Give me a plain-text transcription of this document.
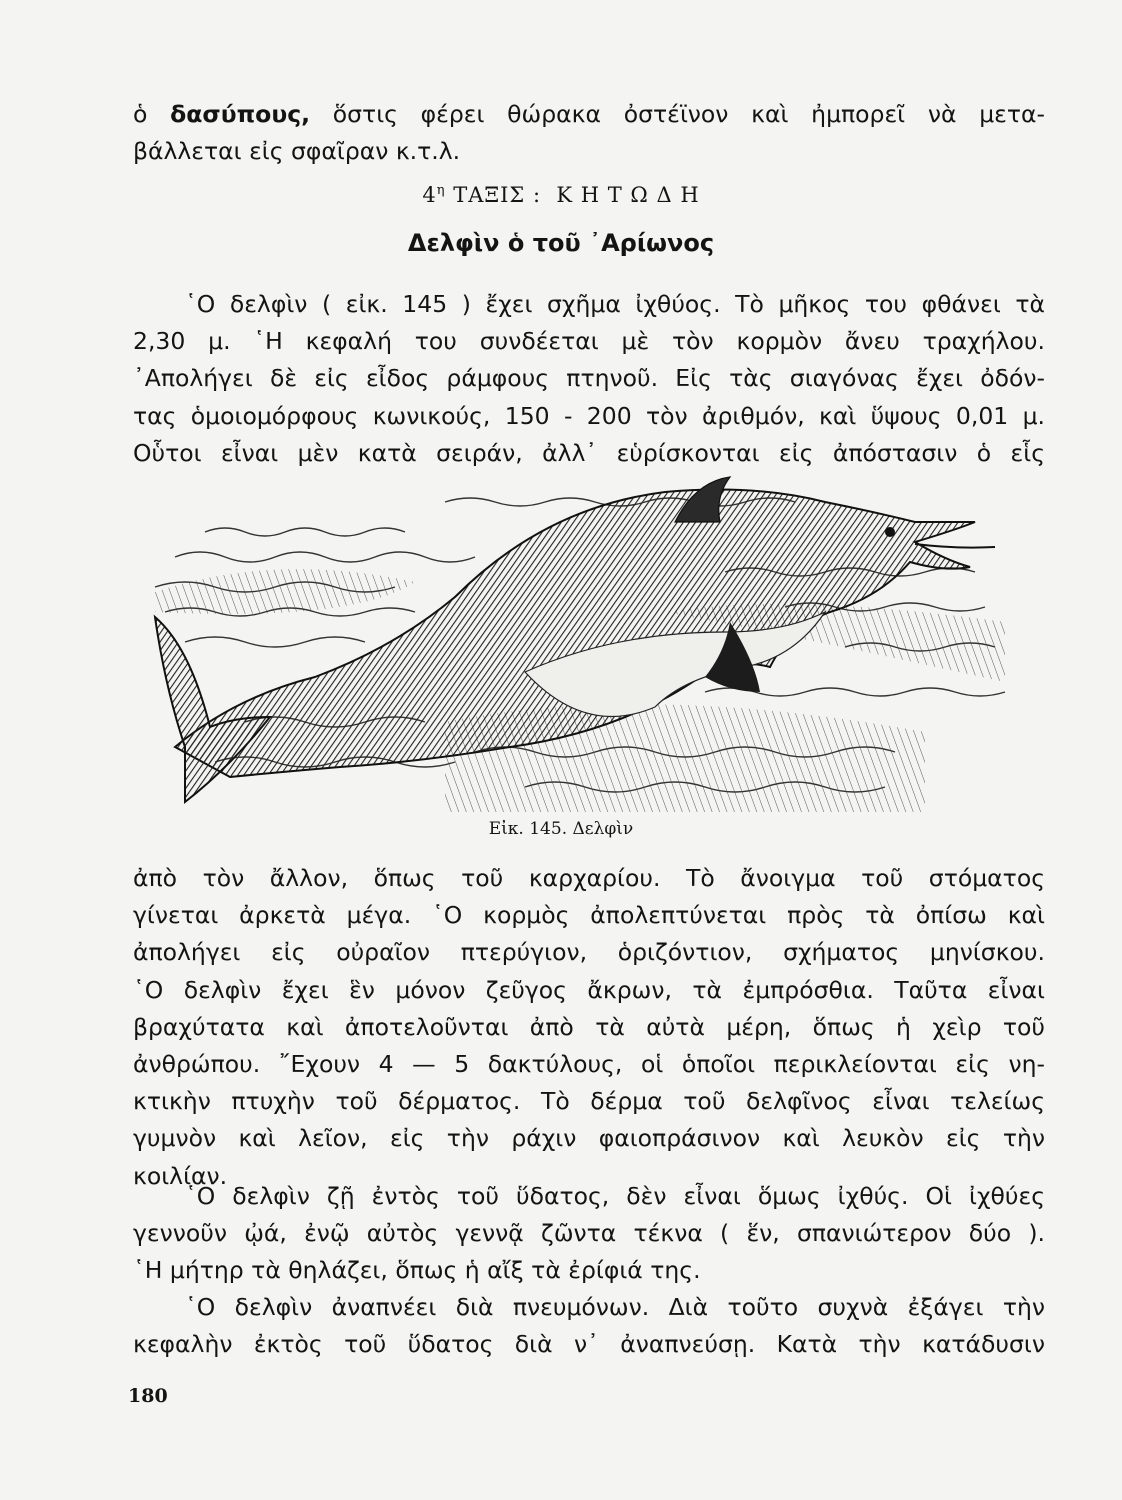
ὁ δασύπους, ὅστις φέρει θώρακα ὀστέϊνον καὶ ἠμπορεῖ νὰ μετα-
βάλλεται εἰς σφαῖραν κ.τ.λ.

$4^\eta$ ΤΑΞΙΣ : Κ Η Τ Ω Δ Η

Δελφὶν ὁ τοῦ ᾿Αρίωνος

῾Ο δελφὶν ( εἰκ. 145 ) ἔχει σχῆμα ἰχθύος. Τὸ μῆκος του φθάνει τὰ
2,30 μ. ῾Η κεφαλή του συνδέεται μὲ τὸν κορμὸν ἄνευ τραχήλου.
᾿Απολήγει δὲ εἰς εἶδος ράμφους πτηνοῦ. Εἰς τὰς σιαγόνας ἔχει ὀδόν-
τας ὁμοιομόρφους κωνικούς, 150 - 200 τὸν ἀριθμόν, καὶ ὕψους 0,01 μ.
Οὗτοι εἶναι μὲν κατὰ σειράν, ἀλλ᾿ εὑρίσκονται εἰς ἀπόστασιν ὁ εἷς

Εἰκ. 145. Δελφὶν

ἀπὸ τὸν ἄλλον, ὅπως τοῦ καρχαρίου. Τὸ ἄνοιγμα τοῦ στόματος
γίνεται ἀρκετὰ μέγα. ῾Ο κορμὸς ἀπολεπτύνεται πρὸς τὰ ὀπίσω καὶ
ἀπολήγει εἰς οὐραῖον πτερύγιον, ὁριζόντιον, σχήματος μηνίσκου.
῾Ο δελφὶν ἔχει ἓν μόνον ζεῦγος ἄκρων, τὰ ἐμπρόσθια. Ταῦτα εἶναι
βραχύτατα καὶ ἀποτελοῦνται ἀπὸ τὰ αὐτὰ μέρη, ὅπως ἡ χεὶρ τοῦ
ἀνθρώπου. ῎Εχουν 4 — 5 δακτύλους, οἱ ὁποῖοι περικλείονται εἰς νη-
κτικὴν πτυχὴν τοῦ δέρματος. Τὸ δέρμα τοῦ δελφῖνος εἶναι τελείως
γυμνὸν καὶ λεῖον, εἰς τὴν ράχιν φαιοπράσινον καὶ λευκὸν εἰς τὴν
κοιλίαν.

῾Ο δελφὶν ζῇ ἐντὸς τοῦ ὕδατος, δὲν εἶναι ὅμως ἰχθύς. Οἱ ἰχθύες
γεννοῦν ᾠά, ἐνῷ αὐτὸς γεννᾷ ζῶντα τέκνα ( ἕν, σπανιώτερον δύο ).
῾Η μήτηρ τὰ θηλάζει, ὅπως ἡ αἴξ τὰ ἐρίφιά της.

῾Ο δελφὶν ἀναπνέει διὰ πνευμόνων. Διὰ τοῦτο συχνὰ ἐξάγει τὴν
κεφαλὴν ἐκτὸς τοῦ ὕδατος διὰ ν᾿ ἀναπνεύσῃ. Κατὰ τὴν κατάδυσιν

180
